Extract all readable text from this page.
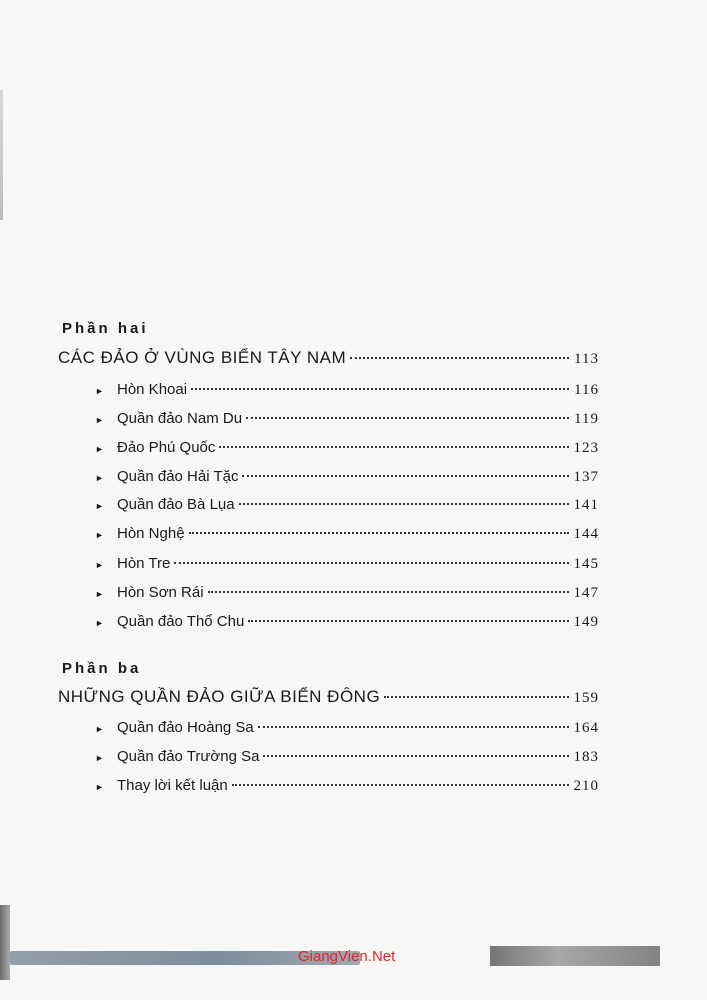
Phần hai
CÁC ĐẢO Ở VÙNG BIỂN TÂY NAM	113
► Hòn Khoai	116
► Quần đảo Nam Du	119
► Đảo Phú Quốc	123
► Quần đảo Hải Tặc	137
► Quần đảo Bà Lụa	141
► Hòn Nghệ	144
► Hòn Tre	145
► Hòn Sơn Rái	147
► Quần đảo Thổ Chu	149
Phần ba
NHỮNG QUẦN ĐẢO GIỮA BIỂN ĐÔNG	159
► Quần đảo Hoàng Sa	164
► Quần đảo Trường Sa	183
► Thay lời kết luận	210
GiangVien.Net
